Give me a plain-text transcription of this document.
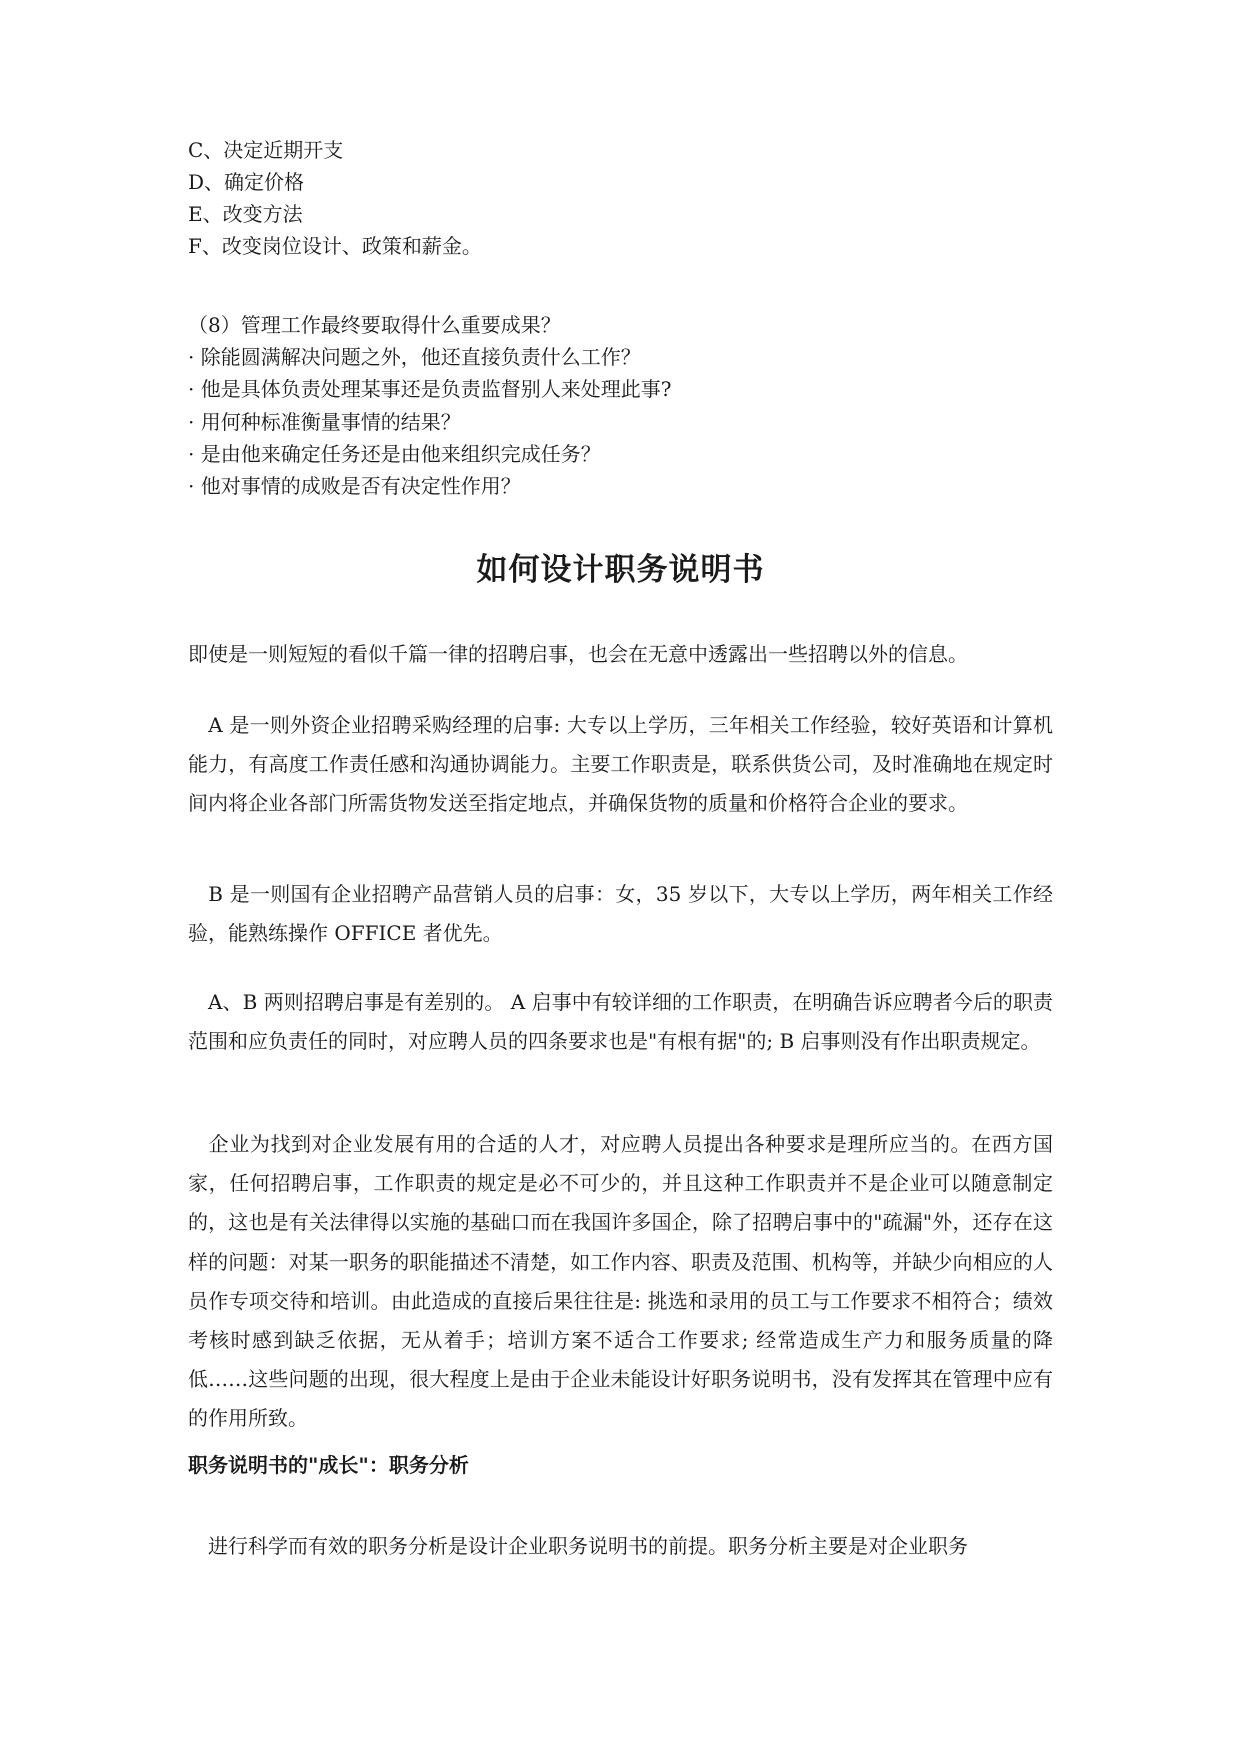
C、决定近期开支
D、确定价格
E、改变方法
F、改变岗位设计、政策和薪金。
（8）管理工作最终要取得什么重要成果？
· 除能圆满解决问题之外，他还直接负责什么工作？
· 他是具体负责处理某事还是负责监督别人来处理此事?
· 用何种标准衡量事情的结果？
· 是由他来确定任务还是由他来组织完成任务？
· 他对事情的成败是否有决定性作用？
如何设计职务说明书
即使是一则短短的看似千篇一律的招聘启事，也会在无意中透露出一些招聘以外的信息。
　A 是一则外资企业招聘采购经理的启事: 大专以上学历，三年相关工作经验，较好英语和计算机能力，有高度工作责任感和沟通协调能力。主要工作职责是，联系供货公司，及时准确地在规定时间内将企业各部门所需货物发送至指定地点，并确保货物的质量和价格符合企业的要求。
　B 是一则国有企业招聘产品营销人员的启事：女，35 岁以下，大专以上学历，两年相关工作经验，能熟练操作 OFFICE 者优先。
　A、B 两则招聘启事是有差别的。 A 启事中有较详细的工作职责，在明确告诉应聘者今后的职责范围和应负责任的同时，对应聘人员的四条要求也是"有根有据"的; B 启事则没有作出职责规定。
　企业为找到对企业发展有用的合适的人才，对应聘人员提出各种要求是理所应当的。在西方国家，任何招聘启事，工作职责的规定是必不可少的，并且这种工作职责并不是企业可以随意制定的，这也是有关法律得以实施的基础口而在我国许多国企，除了招聘启事中的"疏漏"外，还存在这样的问题：对某一职务的职能描述不清楚，如工作内容、职责及范围、机构等，并缺少向相应的人员作专项交待和培训。由此造成的直接后果往往是: 挑选和录用的员工与工作要求不相符合；绩效考核时感到缺乏依据，无从着手；培训方案不适合工作要求; 经常造成生产力和服务质量的降低……这些问题的出现，很大程度上是由于企业未能设计好职务说明书，没有发挥其在管理中应有的作用所致。
职务说明书的"成长"：职务分析
　进行科学而有效的职务分析是设计企业职务说明书的前提。职务分析主要是对企业职务
